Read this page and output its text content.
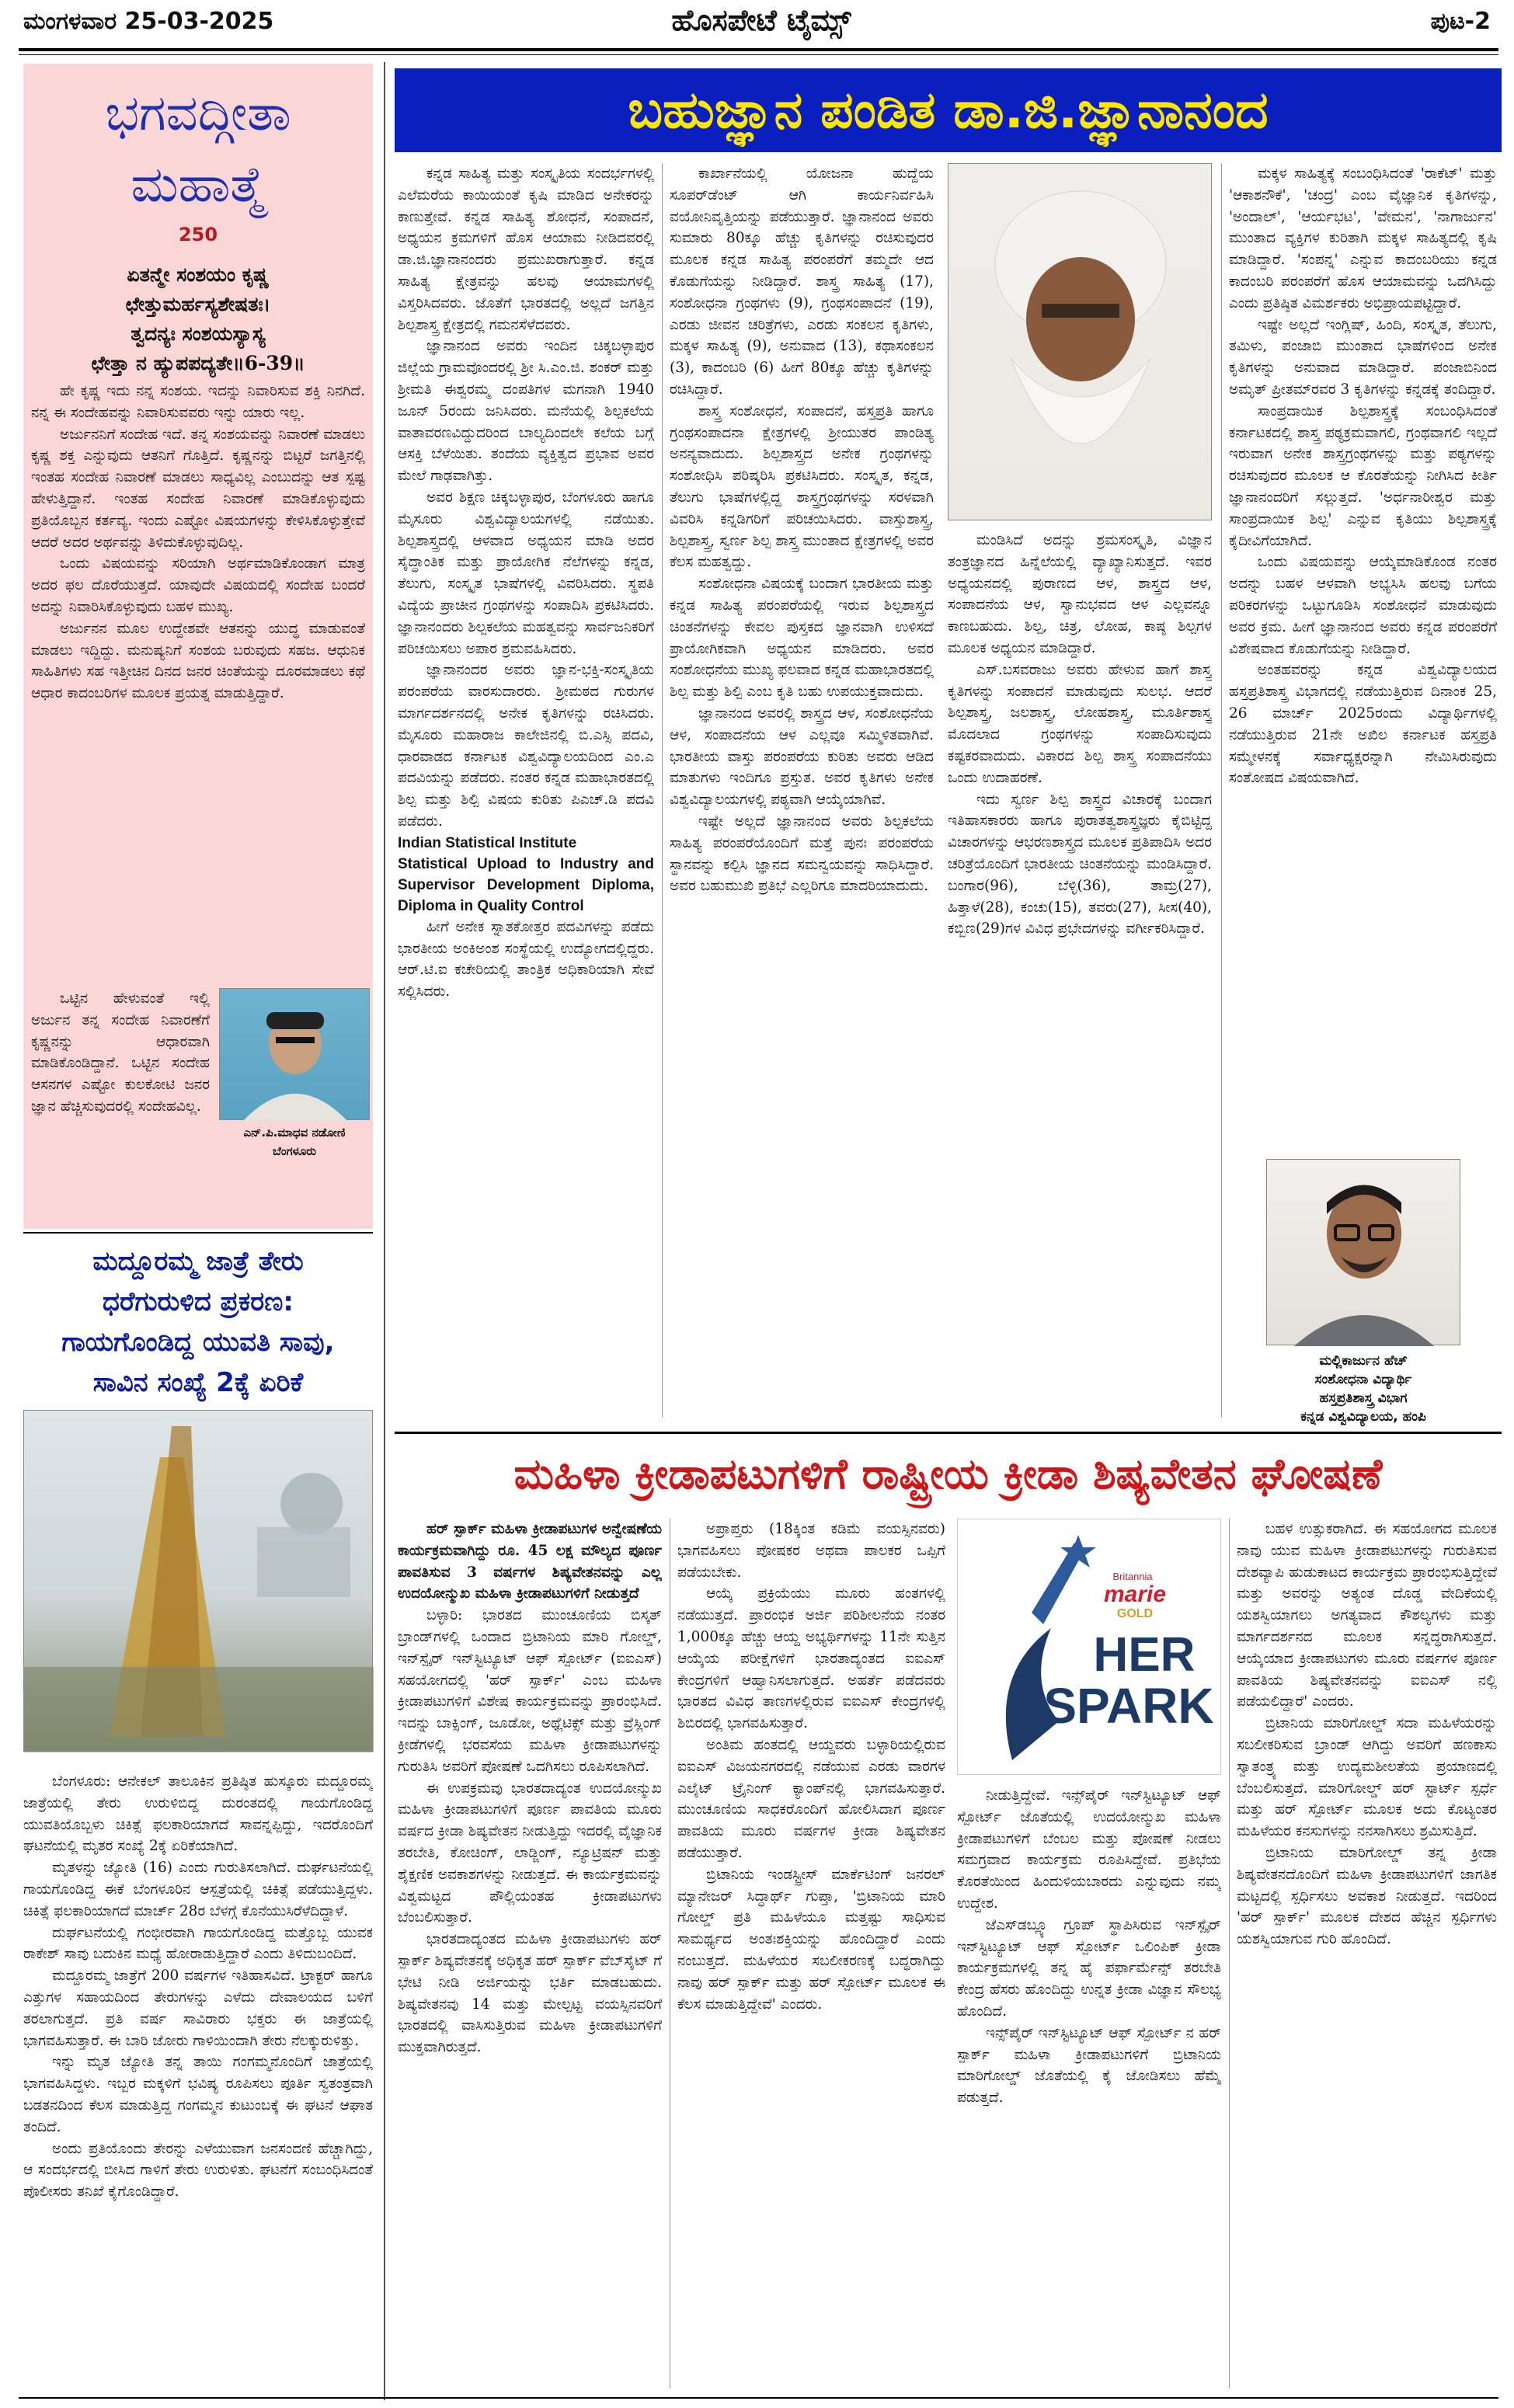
ಮಂಗಳವಾರ 25-03-2025	ಹೊಸಪೇಟೆ ಟೈಮ್ಸ್	ಪುಟ-2
ಭಗವದ್ಗೀತಾ
ಮಹಾತ್ಮೆ
250
ಏತನ್ಮೇ ಸಂಶಯಂ ಕೃಷ್ಣ
ಛೇತ್ತುಮರ್ಹಸ್ಯಶೇಷತಃ।
ತ್ವದನ್ಯಃ ಸಂಶಯಸ್ಯಾಸ್ಯ
ಛೇತ್ತಾ ನ ಹ್ಯುಪಪದ್ಯತೇ॥6-39॥

ಹೇ ಕೃಷ್ಣ ಇದು ನನ್ನ ಸಂಶಯ. ಇದನ್ನು ನಿವಾರಿಸುವ ಶಕ್ತಿ ನಿನಗಿದೆ. ನನ್ನ ಈ ಸಂದೇಹವನ್ನು ನಿವಾರಿಸುವವರು ಇನ್ನು ಯಾರು ಇಲ್ಲ.

ಅರ್ಜುನನಿಗೆ ಸಂದೇಹ ಇದೆ. ತನ್ನ ಸಂಶಯವನ್ನು ನಿವಾರಣೆ ಮಾಡಲು ಕೃಷ್ಣ ಶಕ್ತ ಎನ್ನುವುದು ಆತನಿಗೆ ಗೊತ್ತಿದೆ. ಕೃಷ್ಣನನ್ನು ಬಿಟ್ಟರೆ ಜಗತ್ತಿನಲ್ಲಿ ಇಂತಹ ಸಂದೇಹ ನಿವಾರಣೆ ಮಾಡಲು ಸಾಧ್ಯವಿಲ್ಲ ಎಂಬುದನ್ನು ಆತ ಸ್ಪಷ್ಟ ಹೇಳುತ್ತಿದ್ದಾನೆ. ಇಂತಹ ಸಂದೇಹ ನಿವಾರಣೆ ಮಾಡಿಕೊಳ್ಳುವುದು ಪ್ರತಿಯೊಬ್ಬನ ಕರ್ತವ್ಯ. ಇಂದು ಎಷ್ಟೋ ವಿಷಯಗಳನ್ನು ಕೇಳಿಸಿಕೊಳ್ಳುತ್ತೇವೆ ಆದರೆ ಅದರ ಅರ್ಥವನ್ನು ತಿಳಿದುಕೊಳ್ಳುವುದಿಲ್ಲ.

ಒಂದು ವಿಷಯವನ್ನು ಸರಿಯಾಗಿ ಅರ್ಥಮಾಡಿಕೊಂಡಾಗ ಮಾತ್ರ ಅದರ ಫಲ ದೊರೆಯುತ್ತದೆ. ಯಾವುದೇ ವಿಷಯದಲ್ಲಿ ಸಂದೇಹ ಬಂದರೆ ಅದನ್ನು ನಿವಾರಿಸಿಕೊಳ್ಳುವುದು ಬಹಳ ಮುಖ್ಯ.

ಅರ್ಜುನನ ಮೂಲ ಉದ್ದೇಶವೇ ಆತನನ್ನು ಯುದ್ಧ ಮಾಡುವಂತೆ ಮಾಡಲು ಇದ್ದಿದ್ದು. ಮನುಷ್ಯನಿಗೆ ಸಂಶಯ ಬರುವುದು ಸಹಜ. ಆಧುನಿಕ ಸಾಹಿತಿಗಳು ಸಹ ಇತ್ತೀಚಿನ ದಿನದ ಜನರ ಚಿಂತೆಯನ್ನು ದೂರಮಾಡಲು ಕಥೆ ಆಧಾರ ಕಾದಂಬರಿಗಳ ಮೂಲಕ ಪ್ರಯತ್ನ ಮಾಡುತ್ತಿದ್ದಾರೆ.

ಒಟ್ಟಿನ ಹೇಳುವಂತೆ ಇಲ್ಲಿ ಅರ್ಜುನ ತನ್ನ ಸಂದೇಹ ನಿವಾರಣೆಗೆ ಕೃಷ್ಣನನ್ನು ಆಧಾರವಾಗಿ ಮಾಡಿಕೊಂಡಿದ್ದಾನೆ. ಒಟ್ಟಿನ ಸಂದೇಹ ಆಸನಗಳ ಎಷ್ಟೋ ಕುಲಕೋಟಿ ಜನರ ಜ್ಞಾನ ಹೆಚ್ಚಿಸುವುದರಲ್ಲಿ ಸಂದೇಹವಿಲ್ಲ.

ಎನ್.ಪಿ.ಮಾಧವ ನಡೋಣಿ
ಬೆಂಗಳೂರು
ಮದ್ದೂರಮ್ಮ ಜಾತ್ರೆ ತೇರು
ಧರೆಗುರುಳಿದ ಪ್ರಕರಣ:
ಗಾಯಗೊಂಡಿದ್ದ ಯುವತಿ ಸಾವು,
ಸಾವಿನ ಸಂಖ್ಯೆ 2ಕ್ಕೆ ಏರಿಕೆ

ಬೆಂಗಳೂರು: ಆನೇಕಲ್ ತಾಲೂಕಿನ ಪ್ರತಿಷ್ಠಿತ ಹುಸ್ಕೂರು ಮದ್ದೂರಮ್ಮ ಜಾತ್ರೆಯಲ್ಲಿ ತೇರು ಉರುಳಿಬಿದ್ದ ದುರಂತದಲ್ಲಿ ಗಾಯಗೊಂಡಿದ್ದ ಯುವತಿಯೊಬ್ಬಳು ಚಿಕಿತ್ಸೆ ಫಲಕಾರಿಯಾಗದೆ ಸಾವನ್ನಪ್ಪಿದ್ದು, ಇದರೊಂದಿಗೆ ಘಟನೆಯಲ್ಲಿ ಮೃತರ ಸಂಖ್ಯೆ 2ಕ್ಕೆ ಏರಿಕೆಯಾಗಿದೆ.

ಮೃತಳನ್ನು ಜ್ಯೋತಿ (16) ಎಂದು ಗುರುತಿಸಲಾಗಿದೆ. ದುರ್ಘಟನೆಯಲ್ಲಿ ಗಾಯಗೊಂಡಿದ್ದ ಈಕೆ ಬೆಂಗಳೂರಿನ ಆಸ್ಪತ್ರೆಯಲ್ಲಿ ಚಿಕಿತ್ಸೆ ಪಡೆಯುತ್ತಿದ್ದಳು. ಚಿಕಿತ್ಸೆ ಫಲಕಾರಿಯಾಗದೆ ಮಾರ್ಚ್ 28ರ ಬೆಳಗ್ಗೆ ಕೊನೆಯುಸಿರೆಳೆದಿದ್ದಾಳೆ.

ದುರ್ಘಟನೆಯಲ್ಲಿ ಗಂಭೀರವಾಗಿ ಗಾಯಗೊಂಡಿದ್ದ ಮತ್ತೊಬ್ಬ ಯುವಕ ರಾಕೇಶ್ ಸಾವು ಬದುಕಿನ ಮಧ್ಯೆ ಹೋರಾಡುತ್ತಿದ್ದಾರೆ ಎಂದು ತಿಳಿದುಬಂದಿದೆ.

ಮದ್ದೂರಮ್ಮ ಜಾತ್ರೆಗೆ 200 ವರ್ಷಗಳ ಇತಿಹಾಸವಿದೆ. ಟ್ರಾಕ್ಟರ್ ಹಾಗೂ ಎತ್ತುಗಳ ಸಹಾಯದಿಂದ ತೇರುಗಳನ್ನು ಎಳೆದು ದೇವಾಲಯದ ಬಳಿಗೆ ತರಲಾಗುತ್ತದೆ. ಪ್ರತಿ ವರ್ಷ ಸಾವಿರಾರು ಭಕ್ತರು ಈ ಜಾತ್ರೆಯಲ್ಲಿ ಭಾಗವಹಿಸುತ್ತಾರೆ. ಈ ಬಾರಿ ಜೋರು ಗಾಳಿಯಿಂದಾಗಿ ತೇರು ನೆಲಕ್ಕುರುಳಿತ್ತು.

ಇನ್ನು ಮೃತ ಜ್ಯೋತಿ ತನ್ನ ತಾಯಿ ಗಂಗಮ್ಮನೊಂದಿಗೆ ಜಾತ್ರೆಯಲ್ಲಿ ಭಾಗವಹಿಸಿದ್ದಳು. ಇಬ್ಬರ ಮಕ್ಕಳಿಗೆ ಭವಿಷ್ಯ ರೂಪಿಸಲು ಪೂರ್ತಿ ಸ್ವತಂತ್ರವಾಗಿ ಬಡತನದಿಂದ ಕೆಲಸ ಮಾಡುತ್ತಿದ್ದ ಗಂಗಮ್ಮನ ಕುಟುಂಬಕ್ಕೆ ಈ ಘಟನೆ ಆಘಾತ ತಂದಿದೆ.

ಅಂದು ಪ್ರತಿಯೊಂದು ತೇರನ್ನು ಎಳೆಯುವಾಗ ಜನಸಂದಣಿ ಹೆಚ್ಚಾಗಿದ್ದು, ಆ ಸಂದರ್ಭದಲ್ಲಿ ಬೀಸಿದ ಗಾಳಿಗೆ ತೇರು ಉರುಳಿತು. ಘಟನೆಗೆ ಸಂಬಂಧಿಸಿದಂತೆ ಪೊಲೀಸರು ತನಿಖೆ ಕೈಗೊಂಡಿದ್ದಾರೆ.

ಬಹುಜ್ಞಾನ ಪಂಡಿತ ಡಾ.ಜಿ.ಜ್ಞಾನಾನಂದ

ಕನ್ನಡ ಸಾಹಿತ್ಯ ಮತ್ತು ಸಂಸ್ಕೃತಿಯ ಸಂದರ್ಭಗಳಲ್ಲಿ ಎಲೆಮರೆಯ ಕಾಯಿಯಂತೆ ಕೃಷಿ ಮಾಡಿದ ಅನೇಕರನ್ನು ಕಾಣುತ್ತೇವೆ. ಕನ್ನಡ ಸಾಹಿತ್ಯ ಶೋಧನೆ, ಸಂಪಾದನೆ, ಅಧ್ಯಯನ ಕ್ರಮಗಳಿಗೆ ಹೊಸ ಆಯಾಮ ನೀಡಿದವರಲ್ಲಿ ಡಾ.ಜಿ.ಜ್ಞಾನಾನಂದರು ಪ್ರಮುಖರಾಗುತ್ತಾರೆ. ಕನ್ನಡ ಸಾಹಿತ್ಯ ಕ್ಷೇತ್ರವನ್ನು ಹಲವು ಆಯಾಮಗಳಲ್ಲಿ ವಿಸ್ತರಿಸಿದವರು. ಜೊತೆಗೆ ಭಾರತದಲ್ಲಿ ಅಲ್ಲದೆ ಜಗತ್ತಿನ ಶಿಲ್ಪಶಾಸ್ತ್ರ ಕ್ಷೇತ್ರದಲ್ಲಿ ಗಮನಸೆಳೆದವರು.

ಜ್ಞಾನಾನಂದ ಅವರು ಇಂದಿನ ಚಿಕ್ಕಬಳ್ಳಾಪುರ ಜಿಲ್ಲೆಯ ಗ್ರಾಮವೊಂದರಲ್ಲಿ ಶ್ರೀ ಸಿ.ಎಂ.ಜಿ. ಶಂಕರ್ ಮತ್ತು ಶ್ರೀಮತಿ ಈಶ್ವರಮ್ಮ ದಂಪತಿಗಳ ಮಗನಾಗಿ 1940 ಜೂನ್ 5ರಂದು ಜನಿಸಿದರು. ಮನೆಯಲ್ಲಿ ಶಿಲ್ಪಕಲೆಯ ವಾತಾವರಣವಿದ್ದುದರಿಂದ ಬಾಲ್ಯದಿಂದಲೇ ಕಲೆಯ ಬಗ್ಗೆ ಆಸಕ್ತಿ ಬೆಳೆಯಿತು. ತಂದೆಯ ವ್ಯಕ್ತಿತ್ವದ ಪ್ರಭಾವ ಅವರ ಮೇಲೆ ಗಾಢವಾಗಿತ್ತು.

ಅವರ ಶಿಕ್ಷಣ ಚಿಕ್ಕಬಳ್ಳಾಪುರ, ಬೆಂಗಳೂರು ಹಾಗೂ ಮೈಸೂರು ವಿಶ್ವವಿದ್ಯಾಲಯಗಳಲ್ಲಿ ನಡೆಯಿತು. ಶಿಲ್ಪಶಾಸ್ತ್ರದಲ್ಲಿ ಆಳವಾದ ಅಧ್ಯಯನ ಮಾಡಿ ಅದರ ಸೈದ್ಧಾಂತಿಕ ಮತ್ತು ಪ್ರಾಯೋಗಿಕ ನೆಲೆಗಳನ್ನು ಕನ್ನಡ, ತೆಲುಗು, ಸಂಸ್ಕೃತ ಭಾಷೆಗಳಲ್ಲಿ ವಿವರಿಸಿದರು. ಸ್ಥಪತಿ ವಿದ್ಯೆಯ ಪ್ರಾಚೀನ ಗ್ರಂಥಗಳನ್ನು ಸಂಪಾದಿಸಿ ಪ್ರಕಟಿಸಿದರು. ಜ್ಞಾನಾನಂದರು ಶಿಲ್ಪಕಲೆಯ ಮಹತ್ವವನ್ನು ಸಾರ್ವಜನಿಕರಿಗೆ ಪರಿಚಯಿಸಲು ಅಪಾರ ಶ್ರಮವಹಿಸಿದರು.

ಜ್ಞಾನಾನಂದರ ಅವರು ಜ್ಞಾನ-ಭಕ್ತಿ-ಸಂಸ್ಕೃತಿಯ ಪರಂಪರೆಯ ವಾರಸುದಾರರು. ಶ್ರೀಮಠದ ಗುರುಗಳ ಮಾರ್ಗದರ್ಶನದಲ್ಲಿ ಅನೇಕ ಕೃತಿಗಳನ್ನು ರಚಿಸಿದರು. ಮೈಸೂರು ಮಹಾರಾಜ ಕಾಲೇಜಿನಲ್ಲಿ ಬಿ.ಎಸ್ಸಿ ಪದವಿ, ಧಾರವಾಡದ ಕರ್ನಾಟಕ ವಿಶ್ವವಿದ್ಯಾಲಯದಿಂದ ಎಂ.ಎ ಪದವಿಯನ್ನು ಪಡೆದರು. ನಂತರ ಕನ್ನಡ ಮಹಾಭಾರತದಲ್ಲಿ ಶಿಲ್ಪ ಮತ್ತು ಶಿಲ್ಪಿ ವಿಷಯ ಕುರಿತು ಪಿಎಚ್.ಡಿ ಪದವಿ ಪಡೆದರು.

Indian Statistical Institute
Statistical Upload to Industry and Supervisor Development Diploma, Diploma in Quality Control

ಹೀಗೆ ಅನೇಕ ಸ್ನಾತಕೋತ್ತರ ಪದವಿಗಳನ್ನು ಪಡೆದು ಭಾರತೀಯ ಅಂಕಿಅಂಶ ಸಂಸ್ಥೆಯಲ್ಲಿ ಉದ್ಯೋಗದಲ್ಲಿದ್ದರು. ಆರ್.ಟಿ.ಐ ಕಚೇರಿಯಲ್ಲಿ ತಾಂತ್ರಿಕ ಅಧಿಕಾರಿಯಾಗಿ ಸೇವೆ ಸಲ್ಲಿಸಿದರು.

ಕಾರ್ಖಾನೆಯಲ್ಲಿ ಯೋಜನಾ ಹುದ್ದೆಯ ಸೂಪರ್‌ಡೆಂಟ್ ಆಗಿ ಕಾರ್ಯನಿರ್ವಹಿಸಿ ವಯೋನಿವೃತ್ತಿಯನ್ನು ಪಡೆಯುತ್ತಾರೆ. ಜ್ಞಾನಾನಂದ ಅವರು ಸುಮಾರು 80ಕ್ಕೂ ಹೆಚ್ಚು ಕೃತಿಗಳನ್ನು ರಚಿಸುವುದರ ಮೂಲಕ ಕನ್ನಡ ಸಾಹಿತ್ಯ ಪರಂಪರೆಗೆ ತಮ್ಮದೇ ಆದ ಕೊಡುಗೆಯನ್ನು ನೀಡಿದ್ದಾರೆ. ಶಾಸ್ತ್ರ ಸಾಹಿತ್ಯ (17), ಸಂಶೋಧನಾ ಗ್ರಂಥಗಳು (9), ಗ್ರಂಥಸಂಪಾದನೆ (19), ಎರಡು ಜೀವನ ಚರಿತ್ರೆಗಳು, ಎರಡು ಸಂಕಲನ ಕೃತಿಗಳು, ಮಕ್ಕಳ ಸಾಹಿತ್ಯ (9), ಅನುವಾದ (13), ಕಥಾಸಂಕಲನ (3), ಕಾದಂಬರಿ (6) ಹೀಗೆ 80ಕ್ಕೂ ಹೆಚ್ಚು ಕೃತಿಗಳನ್ನು ರಚಿಸಿದ್ದಾರೆ.

ಶಾಸ್ತ್ರ ಸಂಶೋಧನೆ, ಸಂಪಾದನೆ, ಹಸ್ತಪ್ರತಿ ಹಾಗೂ ಗ್ರಂಥಸಂಪಾದನಾ ಕ್ಷೇತ್ರಗಳಲ್ಲಿ ಶ್ರೀಯುತರ ಪಾಂಡಿತ್ಯ ಅನನ್ಯವಾದುದು. ಶಿಲ್ಪಶಾಸ್ತ್ರದ ಅನೇಕ ಗ್ರಂಥಗಳನ್ನು ಸಂಶೋಧಿಸಿ ಪರಿಷ್ಕರಿಸಿ ಪ್ರಕಟಿಸಿದರು. ಸಂಸ್ಕೃತ, ಕನ್ನಡ, ತೆಲುಗು ಭಾಷೆಗಳಲ್ಲಿದ್ದ ಶಾಸ್ತ್ರಗ್ರಂಥಗಳನ್ನು ಸರಳವಾಗಿ ವಿವರಿಸಿ ಕನ್ನಡಿಗರಿಗೆ ಪರಿಚಯಿಸಿದರು. ವಾಸ್ತುಶಾಸ್ತ್ರ, ಶಿಲ್ಪಶಾಸ್ತ್ರ, ಸ್ವರ್ಣ ಶಿಲ್ಪ ಶಾಸ್ತ್ರ ಮುಂತಾದ ಕ್ಷೇತ್ರಗಳಲ್ಲಿ ಅವರ ಕೆಲಸ ಮಹತ್ವದ್ದು.

ಸಂಶೋಧನಾ ವಿಷಯಕ್ಕೆ ಬಂದಾಗ ಭಾರತೀಯ ಮತ್ತು ಕನ್ನಡ ಸಾಹಿತ್ಯ ಪರಂಪರೆಯಲ್ಲಿ ಇರುವ ಶಿಲ್ಪಶಾಸ್ತ್ರದ ಚಿಂತನೆಗಳನ್ನು ಕೇವಲ ಪುಸ್ತಕದ ಜ್ಞಾನವಾಗಿ ಉಳಿಸದೆ ಪ್ರಾಯೋಗಿಕವಾಗಿ ಅಧ್ಯಯನ ಮಾಡಿದರು. ಅವರ ಸಂಶೋಧನೆಯ ಮುಖ್ಯ ಫಲವಾದ ಕನ್ನಡ ಮಹಾಭಾರತದಲ್ಲಿ ಶಿಲ್ಪ ಮತ್ತು ಶಿಲ್ಪಿ ಎಂಬ ಕೃತಿ ಬಹು ಉಪಯುಕ್ತವಾದುದು.

ಜ್ಞಾನಾನಂದ ಅವರಲ್ಲಿ ಶಾಸ್ತ್ರದ ಆಳ, ಸಂಶೋಧನೆಯ ಆಳ, ಸಂಪಾದನೆಯ ಆಳ ಎಲ್ಲವೂ ಸಮ್ಮಿಳಿತವಾಗಿವೆ. ಭಾರತೀಯ ವಾಸ್ತು ಪರಂಪರೆಯ ಕುರಿತು ಅವರು ಆಡಿದ ಮಾತುಗಳು ಇಂದಿಗೂ ಪ್ರಸ್ತುತ. ಅವರ ಕೃತಿಗಳು ಅನೇಕ ವಿಶ್ವವಿದ್ಯಾಲಯಗಳಲ್ಲಿ ಪಠ್ಯವಾಗಿ ಆಯ್ಕೆಯಾಗಿವೆ.

ಇಷ್ಟೇ ಅಲ್ಲದೆ ಜ್ಞಾನಾನಂದ ಅವರು ಶಿಲ್ಪಕಲೆಯ ಸಾಹಿತ್ಯ ಪರಂಪರೆಯೊಂದಿಗೆ ಮತ್ತೆ ಪುನಃ ಪರಂಪರೆಯ ಸ್ಥಾನವನ್ನು ಕಲ್ಪಿಸಿ ಜ್ಞಾನದ ಸಮನ್ವಯವನ್ನು ಸಾಧಿಸಿದ್ದಾರೆ. ಅವರ ಬಹುಮುಖಿ ಪ್ರತಿಭೆ ಎಲ್ಲರಿಗೂ ಮಾದರಿಯಾದುದು.

ಮಂಡಿಸಿದೆ ಅದನ್ನು ಶ್ರಮಸಂಸ್ಕೃತಿ, ವಿಜ್ಞಾನ ತಂತ್ರಜ್ಞಾನದ ಹಿನ್ನೆಲೆಯಲ್ಲಿ ವ್ಯಾಖ್ಯಾನಿಸುತ್ತದೆ. ಇವರ ಅಧ್ಯಯನದಲ್ಲಿ ಪುರಾಣದ ಆಳ, ಶಾಸ್ತ್ರದ ಆಳ, ಸಂಪಾದನೆಯ ಆಳ, ಸ್ವಾನುಭವದ ಆಳ ಎಲ್ಲವನ್ನೂ ಕಾಣಬಹುದು. ಶಿಲ್ಪ, ಚಿತ್ರ, ಲೋಹ, ಕಾಷ್ಠ ಶಿಲ್ಪಗಳ ಮೂಲಕ ಅಧ್ಯಯನ ಮಾಡಿದ್ದಾರೆ.

ಎಸ್.ಬಸವರಾಜು ಅವರು ಹೇಳುವ ಹಾಗೆ ಶಾಸ್ತ್ರ ಕೃತಿಗಳನ್ನು ಸಂಪಾದನೆ ಮಾಡುವುದು ಸುಲಭ. ಆದರೆ ಶಿಲ್ಪಶಾಸ್ತ್ರ, ಜಲಶಾಸ್ತ್ರ, ಲೋಹಶಾಸ್ತ್ರ, ಮೂರ್ತಿಶಾಸ್ತ್ರ ಮೊದಲಾದ ಗ್ರಂಥಗಳನ್ನು ಸಂಪಾದಿಸುವುದು ಕಷ್ಟಕರವಾದುದು. ವಿಕಾರದ ಶಿಲ್ಪ ಶಾಸ್ತ್ರ ಸಂಪಾದನೆಯು ಒಂದು ಉದಾಹರಣೆ.

ಇದು ಸ್ವರ್ಣ ಶಿಲ್ಪ ಶಾಸ್ತ್ರದ ವಿಚಾರಕ್ಕೆ ಬಂದಾಗ ಇತಿಹಾಸಕಾರರು ಹಾಗೂ ಪುರಾತತ್ವಶಾಸ್ತ್ರಜ್ಞರು ಕೈಬಿಟ್ಟಿದ್ದ ವಿಚಾರಗಳನ್ನು ಆಭರಣಶಾಸ್ತ್ರದ ಮೂಲಕ ಪ್ರತಿಪಾದಿಸಿ ಅದರ ಚರಿತ್ರೆಯೊಂದಿಗೆ ಭಾರತೀಯ ಚಿಂತನೆಯನ್ನು ಮಂಡಿಸಿದ್ದಾರೆ. ಬಂಗಾರ(96), ಬೆಳ್ಳಿ(36), ತಾಮ್ರ(27), ಹಿತ್ತಾಳೆ(28), ಕಂಚು(15), ತವರು(27), ಸೀಸ(40), ಕಬ್ಬಿಣ(29)ಗಳ ವಿವಿಧ ಪ್ರಭೇದಗಳನ್ನು ವರ್ಗೀಕರಿಸಿದ್ದಾರೆ.

ಮಕ್ಕಳ ಸಾಹಿತ್ಯಕ್ಕೆ ಸಂಬಂಧಿಸಿದಂತೆ 'ರಾಕೆಟ್' ಮತ್ತು 'ಆಕಾಶನೌಕೆ', 'ಚಂದ್ರ' ಎಂಬ ವೈಜ್ಞಾನಿಕ ಕೃತಿಗಳನ್ನು, 'ಅಂದಾಲ್', 'ಆರ್ಯಭಟ', 'ವೇಮನ', 'ನಾಗಾರ್ಜುನ' ಮುಂತಾದ ವ್ಯಕ್ತಿಗಳ ಕುರಿತಾಗಿ ಮಕ್ಕಳ ಸಾಹಿತ್ಯದಲ್ಲಿ ಕೃಷಿ ಮಾಡಿದ್ದಾರೆ. 'ಸಂಪನ್ನ' ಎನ್ನುವ ಕಾದಂಬರಿಯು ಕನ್ನಡ ಕಾದಂಬರಿ ಪರಂಪರೆಗೆ ಹೊಸ ಆಯಾಮವನ್ನು ಒದಗಿಸಿದ್ದು ಎಂದು ಪ್ರತಿಷ್ಠಿತ ವಿಮರ್ಶಕರು ಅಭಿಪ್ರಾಯಪಟ್ಟಿದ್ದಾರೆ.

ಇಷ್ಟೇ ಅಲ್ಲದೆ ಇಂಗ್ಲಿಷ್, ಹಿಂದಿ, ಸಂಸ್ಕೃತ, ತೆಲುಗು, ತಮಿಳು, ಪಂಜಾಬಿ ಮುಂತಾದ ಭಾಷೆಗಳಿಂದ ಅನೇಕ ಕೃತಿಗಳನ್ನು ಅನುವಾದ ಮಾಡಿದ್ದಾರೆ. ಪಂಜಾಬಿನಿಂದ ಅಮೃತ್ ಪ್ರೀತಮ್‌ರವರ 3 ಕೃತಿಗಳನ್ನು ಕನ್ನಡಕ್ಕೆ ತಂದಿದ್ದಾರೆ.

ಸಾಂಪ್ರದಾಯಿಕ ಶಿಲ್ಪಶಾಸ್ತ್ರಕ್ಕೆ ಸಂಬಂಧಿಸಿದಂತೆ ಕರ್ನಾಟಕದಲ್ಲಿ ಶಾಸ್ತ್ರ ಪಠ್ಯಕ್ರಮವಾಗಲಿ, ಗ್ರಂಥವಾಗಲಿ ಇಲ್ಲದೆ ಇರುವಾಗ ಅನೇಕ ಶಾಸ್ತ್ರಗ್ರಂಥಗಳನ್ನು ಮತ್ತು ಪಠ್ಯಗಳನ್ನು ರಚಿಸುವುದರ ಮೂಲಕ ಆ ಕೊರತೆಯನ್ನು ನೀಗಿಸಿದ ಕೀರ್ತಿ ಜ್ಞಾನಾನಂದರಿಗೆ ಸಲ್ಲುತ್ತದೆ. 'ಅರ್ಧನಾರೀಶ್ವರ ಮತ್ತು ಸಾಂಪ್ರದಾಯಿಕ ಶಿಲ್ಪ' ಎನ್ನುವ ಕೃತಿಯು ಶಿಲ್ಪಶಾಸ್ತ್ರಕ್ಕೆ ಕೈದೀವಿಗೆಯಾಗಿದೆ.

ಒಂದು ವಿಷಯವನ್ನು ಆಯ್ಕೆಮಾಡಿಕೊಂಡ ನಂತರ ಅದನ್ನು ಬಹಳ ಆಳವಾಗಿ ಅಭ್ಯಸಿಸಿ ಹಲವು ಬಗೆಯ ಪರಿಕರಗಳನ್ನು ಒಟ್ಟುಗೂಡಿಸಿ ಸಂಶೋಧನೆ ಮಾಡುವುದು ಅವರ ಕ್ರಮ. ಹೀಗೆ ಜ್ಞಾನಾನಂದ ಅವರು ಕನ್ನಡ ಪರಂಪರೆಗೆ ವಿಶೇಷವಾದ ಕೊಡುಗೆಯನ್ನು ನೀಡಿದ್ದಾರೆ.

ಅಂತಹವರನ್ನು ಕನ್ನಡ ವಿಶ್ವವಿದ್ಯಾಲಯದ ಹಸ್ತಪ್ರತಿಶಾಸ್ತ್ರ ವಿಭಾಗದಲ್ಲಿ ನಡೆಯುತ್ತಿರುವ ದಿನಾಂಕ 25, 26 ಮಾರ್ಚ್ 2025ರಂದು ವಿದ್ಯಾರ್ಥಿಗಳಲ್ಲಿ ನಡೆಯುತ್ತಿರುವ 21ನೇ ಅಖಿಲ ಕರ್ನಾಟಕ ಹಸ್ತಪ್ರತಿ ಸಮ್ಮೇಳನಕ್ಕೆ ಸರ್ವಾಧ್ಯಕ್ಷರನ್ನಾಗಿ ನೇಮಿಸಿರುವುದು ಸಂತೋಷದ ವಿಷಯವಾಗಿದೆ.

ಮಲ್ಲಿಕಾರ್ಜುನ ಹೆಚ್
ಸಂಶೋಧನಾ ವಿದ್ಯಾರ್ಥಿ
ಹಸ್ತಪ್ರತಿಶಾಸ್ತ್ರ ವಿಭಾಗ
ಕನ್ನಡ ವಿಶ್ವವಿದ್ಯಾಲಯ, ಹಂಪಿ
ಮಹಿಳಾ ಕ್ರೀಡಾಪಟುಗಳಿಗೆ ರಾಷ್ಟ್ರೀಯ ಕ್ರೀಡಾ ಶಿಷ್ಯವೇತನ ಘೋಷಣೆ

ಹರ್ ಸ್ಪಾರ್ಕ್ ಮಹಿಳಾ ಕ್ರೀಡಾಪಟುಗಳ ಅನ್ವೇಷಣೆಯ ಕಾರ್ಯಕ್ರಮವಾಗಿದ್ದು ರೂ. 45 ಲಕ್ಷ ಮೌಲ್ಯದ ಪೂರ್ಣ ಪಾವತಿಸುವ 3 ವರ್ಷಗಳ ಶಿಷ್ಯವೇತನವನ್ನು ಎಲ್ಲ ಉದಯೋನ್ಮುಖ ಮಹಿಳಾ ಕ್ರೀಡಾಪಟುಗಳಿಗೆ ನೀಡುತ್ತದೆ

ಬಳ್ಳಾರಿ: ಭಾರತದ ಮುಂಚೂಣಿಯ ಬಿಸ್ಕತ್ ಬ್ರಾಂಡ್‌ಗಳಲ್ಲಿ ಒಂದಾದ ಬ್ರಿಟಾನಿಯ ಮಾರಿ ಗೋಲ್ಡ್, ಇನ್‌ಸ್ಪೈರ್ ಇನ್‌ಸ್ಟಿಟ್ಯೂಟ್ ಆಫ್ ಸ್ಪೋರ್ಟ್ (ಐಐಎಸ್) ಸಹಯೋಗದಲ್ಲಿ 'ಹರ್ ಸ್ಪಾರ್ಕ್' ಎಂಬ ಮಹಿಳಾ ಕ್ರೀಡಾಪಟುಗಳಿಗೆ ವಿಶೇಷ ಕಾರ್ಯಕ್ರಮವನ್ನು ಪ್ರಾರಂಭಿಸಿದೆ. ಇದನ್ನು ಬಾಕ್ಸಿಂಗ್, ಜೂಡೋ, ಅಥ್ಲೆಟಿಕ್ಸ್ ಮತ್ತು ವ್ರೆಸ್ಲಿಂಗ್ ಕ್ರೀಡೆಗಳಲ್ಲಿ ಭರವಸೆಯ ಮಹಿಳಾ ಕ್ರೀಡಾಪಟುಗಳನ್ನು ಗುರುತಿಸಿ ಅವರಿಗೆ ಪೋಷಣೆ ಒದಗಿಸಲು ರೂಪಿಸಲಾಗಿದೆ.

ಈ ಉಪಕ್ರಮವು ಭಾರತದಾದ್ಯಂತ ಉದಯೋನ್ಮುಖ ಮಹಿಳಾ ಕ್ರೀಡಾಪಟುಗಳಿಗೆ ಪೂರ್ಣ ಪಾವತಿಯ ಮೂರು ವರ್ಷದ ಕ್ರೀಡಾ ಶಿಷ್ಯವೇತನ ನೀಡುತ್ತಿದ್ದು ಇದರಲ್ಲಿ ವೈಜ್ಞಾನಿಕ ತರಬೇತಿ, ಕೋಚಿಂಗ್, ಲಾಡ್ಜಿಂಗ್, ನ್ಯೂಟ್ರಿಷನ್ ಮತ್ತು ಶೈಕ್ಷಣಿಕ ಅವಕಾಶಗಳನ್ನು ನೀಡುತ್ತದೆ. ಈ ಕಾರ್ಯಕ್ರಮವನ್ನು ವಿಶ್ವಮಟ್ಟದ ಪೌಲ್ಲಿಯಂತಹ ಕ್ರೀಡಾಪಟುಗಳು ಬೆಂಬಲಿಸುತ್ತಾರೆ.

ಭಾರತದಾದ್ಯಂತದ ಮಹಿಳಾ ಕ್ರೀಡಾಪಟುಗಳು ಹರ್ ಸ್ಪಾರ್ಕ್ ಶಿಷ್ಯವೇತನಕ್ಕೆ ಅಧಿಕೃತ ಹರ್ ಸ್ಪಾರ್ಕ್ ವೆಬ್‌ಸೈಟ್ ಗೆ ಭೇಟಿ ನೀಡಿ ಅರ್ಜಿಯನ್ನು ಭರ್ತಿ ಮಾಡಬಹುದು. ಶಿಷ್ಯವೇತನವು 14 ಮತ್ತು ಮೇಲ್ಪಟ್ಟ ವಯಸ್ಸಿನವರಿಗೆ ಭಾರತದಲ್ಲಿ ವಾಸಿಸುತ್ತಿರುವ ಮಹಿಳಾ ಕ್ರೀಡಾಪಟುಗಳಿಗೆ ಮುಕ್ತವಾಗಿರುತ್ತದೆ.

ಅಪ್ರಾಪ್ತರು (18ಕ್ಕಿಂತ ಕಡಿಮೆ ವಯಸ್ಸಿನವರು) ಭಾಗವಹಿಸಲು ಪೋಷಕರ ಅಥವಾ ಪಾಲಕರ ಒಪ್ಪಿಗೆ ಪಡೆಯಬೇಕು.

ಆಯ್ಕೆ ಪ್ರಕ್ರಿಯೆಯು ಮೂರು ಹಂತಗಳಲ್ಲಿ ನಡೆಯುತ್ತದೆ. ಪ್ರಾರಂಭಿಕ ಅರ್ಜಿ ಪರಿಶೀಲನೆಯ ನಂತರ 1,000ಕ್ಕೂ ಹೆಚ್ಚು ಆಯ್ದ ಅಭ್ಯರ್ಥಿಗಳನ್ನು 11ನೇ ಸುತ್ತಿನ ಆಯ್ಕೆಯ ಪರೀಕ್ಷೆಗಳಿಗೆ ಭಾರತಾದ್ಯಂತದ ಐಐಎಸ್ ಕೇಂದ್ರಗಳಿಗೆ ಆಹ್ವಾನಿಸಲಾಗುತ್ತದೆ. ಅಹರ್ತೆ ಪಡೆದವರು ಭಾರತದ ವಿವಿಧ ತಾಣಗಳಲ್ಲಿರುವ ಐಐಎಸ್ ಕೇಂದ್ರಗಳಲ್ಲಿ ಶಿಬಿರದಲ್ಲಿ ಭಾಗವಹಿಸುತ್ತಾರೆ.

ಅಂತಿಮ ಹಂತದಲ್ಲಿ ಆಯ್ದವರು ಬಳ್ಳಾರಿಯಲ್ಲಿರುವ ಐಐಎಸ್ ವಿಜಯನಗರದಲ್ಲಿ ನಡೆಯುವ ಎರಡು ವಾರಗಳ ಎಲೈಟ್ ಟ್ರೈನಿಂಗ್ ಕ್ಯಾಂಪ್‌ನಲ್ಲಿ ಭಾಗವಹಿಸುತ್ತಾರೆ. ಮುಂಚೂಣಿಯ ಸಾಧಕರೊಂದಿಗೆ ಹೋಲಿಸಿದಾಗ ಪೂರ್ಣ ಪಾವತಿಯ ಮೂರು ವರ್ಷಗಳ ಕ್ರೀಡಾ ಶಿಷ್ಯವೇತನ ಪಡೆಯುತ್ತಾರೆ.

ಬ್ರಿಟಾನಿಯ ಇಂಡಸ್ಟ್ರೀಸ್ ಮಾರ್ಕೆಟಿಂಗ್ ಜನರಲ್ ಮ್ಯಾನೇಜರ್ ಸಿದ್ಧಾರ್ಥ್ ಗುಪ್ತಾ, 'ಬ್ರಿಟಾನಿಯ ಮಾರಿ ಗೋಲ್ಡ್ ಪ್ರತಿ ಮಹಿಳೆಯೂ ಮತ್ತಷ್ಟು ಸಾಧಿಸುವ ಸಾಮರ್ಥ್ಯದ ಅಂತಃಶಕ್ತಿಯನ್ನು ಹೊಂದಿದ್ದಾರೆ ಎಂದು ನಂಬುತ್ತದೆ. ಮಹಿಳೆಯರ ಸಬಲೀಕರಣಕ್ಕೆ ಬದ್ಧರಾಗಿದ್ದು ನಾವು ಹರ್ ಸ್ಪಾರ್ಕ್ ಮತ್ತು ಹರ್ ಸ್ಪೋರ್ಟ್ ಮೂಲಕ ಈ ಕೆಲಸ ಮಾಡುತ್ತಿದ್ದೇವೆ' ಎಂದರು.

Britannia
marie
GOLD
HER
SPARK

ನೀಡುತ್ತಿದ್ದೇವೆ. ಇನ್ಸ್‌ಪೈರ್ ಇನ್‌ಸ್ಟಿಟ್ಯೂಟ್ ಆಫ್ ಸ್ಪೋರ್ಟ್ ಜೊತೆಯಲ್ಲಿ ಉದಯೋನ್ಮುಖ ಮಹಿಳಾ ಕ್ರೀಡಾಪಟುಗಳಿಗೆ ಬೆಂಬಲ ಮತ್ತು ಪೋಷಣೆ ನೀಡಲು ಸಮಗ್ರವಾದ ಕಾರ್ಯಕ್ರಮ ರೂಪಿಸಿದ್ದೇವೆ. ಪ್ರತಿಭೆಯ ಕೊರತೆಯಿಂದ ಹಿಂದುಳಿಯಬಾರದು ಎನ್ನುವುದು ನಮ್ಮ ಉದ್ದೇಶ.

ಜೆಎಸ್‌ಡಬ್ಲ್ಯೂ ಗ್ರೂಪ್ ಸ್ಥಾಪಿಸಿರುವ ಇನ್‌ಸ್ಪೈರ್ ಇನ್‌ಸ್ಟಿಟ್ಯೂಟ್ ಆಫ್ ಸ್ಪೋರ್ಟ್ ಒಲಿಂಪಿಕ್ ಕ್ರೀಡಾ ಕಾರ್ಯಕ್ರಮಗಳಲ್ಲಿ ತನ್ನ ಹೈ ಪರ್ಫಾರ್ಮೆನ್ಸ್ ತರಬೇತಿ ಕೇಂದ್ರ ಹೆಸರು ಹೊಂದಿದ್ದು ಉನ್ನತ ಕ್ರೀಡಾ ವಿಜ್ಞಾನ ಸೌಲಭ್ಯ ಹೊಂದಿದೆ.

ಇನ್ಸ್‌ಪೈರ್ ಇನ್‌ಸ್ಟಿಟ್ಯೂಟ್ ಆಫ್ ಸ್ಪೋರ್ಟ್ ನ ಹರ್ ಸ್ಪಾರ್ಕ್ ಮಹಿಳಾ ಕ್ರೀಡಾಪಟುಗಳಿಗೆ ಬ್ರಿಟಾನಿಯ ಮಾರಿಗೋಲ್ಡ್ ಜೊತೆಯಲ್ಲಿ ಕೈ ಜೋಡಿಸಲು ಹೆಮ್ಮೆ ಪಡುತ್ತದೆ.

ಬಹಳ ಉತ್ಸುಕರಾಗಿದೆ. ಈ ಸಹಯೋಗದ ಮೂಲಕ ನಾವು ಯುವ ಮಹಿಳಾ ಕ್ರೀಡಾಪಟುಗಳನ್ನು ಗುರುತಿಸುವ ದೇಶವ್ಯಾಪಿ ಹುಡುಕಾಟದ ಕಾರ್ಯಕ್ರಮ ಪ್ರಾರಂಭಿಸುತ್ತಿದ್ದೇವೆ ಮತ್ತು ಅವರನ್ನು ಅತ್ಯಂತ ದೊಡ್ಡ ವೇದಿಕೆಯಲ್ಲಿ ಯಶಸ್ವಿಯಾಗಲು ಅಗತ್ಯವಾದ ಕೌಶಲ್ಯಗಳು ಮತ್ತು ಮಾರ್ಗದರ್ಶನದ ಮೂಲಕ ಸನ್ನದ್ಧರಾಗಿಸುತ್ತದೆ. ಆಯ್ಕೆಯಾದ ಕ್ರೀಡಾಪಟುಗಳು ಮೂರು ವರ್ಷಗಳ ಪೂರ್ಣ ಪಾವತಿಯ ಶಿಷ್ಯವೇತನವನ್ನು ಐಐಎಸ್ ನಲ್ಲಿ ಪಡೆಯಲಿದ್ದಾರೆ' ಎಂದರು.

ಬ್ರಿಟಾನಿಯ ಮಾರಿಗೋಲ್ಡ್ ಸದಾ ಮಹಿಳೆಯರನ್ನು ಸಬಲೀಕರಿಸುವ ಬ್ರಾಂಡ್ ಆಗಿದ್ದು ಅವರಿಗೆ ಹಣಕಾಸು ಸ್ವಾತಂತ್ರ್ಯ ಮತ್ತು ಉದ್ಯಮಶೀಲತೆಯ ಪ್ರಯಾಣದಲ್ಲಿ ಬೆಂಬಲಿಸುತ್ತದೆ. ಮಾರಿಗೋಲ್ಡ್ ಹರ್ ಸ್ಟಾರ್ಟ್ ಸ್ಪರ್ಧೆ ಮತ್ತು ಹರ್ ಸ್ಪೋರ್ಟ್ ಮೂಲಕ ಅದು ಕೊಟ್ಯಂತರ ಮಹಿಳೆಯರ ಕನಸುಗಳನ್ನು ನನಸಾಗಿಸಲು ಶ್ರಮಿಸುತ್ತಿದೆ.

ಬ್ರಿಟಾನಿಯ ಮಾರಿಗೋಲ್ಡ್ ತನ್ನ ಕ್ರೀಡಾ ಶಿಷ್ಯವೇತನದೊಂದಿಗೆ ಮಹಿಳಾ ಕ್ರೀಡಾಪಟುಗಳಿಗೆ ಜಾಗತಿಕ ಮಟ್ಟದಲ್ಲಿ ಸ್ಪರ್ಧಿಸಲು ಅವಕಾಶ ನೀಡುತ್ತದೆ. ಇದರಿಂದ 'ಹರ್ ಸ್ಪಾರ್ಕ್' ಮೂಲಕ ದೇಶದ ಹೆಚ್ಚಿನ ಸ್ಪರ್ಧಿಗಳು ಯಶಸ್ವಿಯಾಗುವ ಗುರಿ ಹೊಂದಿದೆ.
